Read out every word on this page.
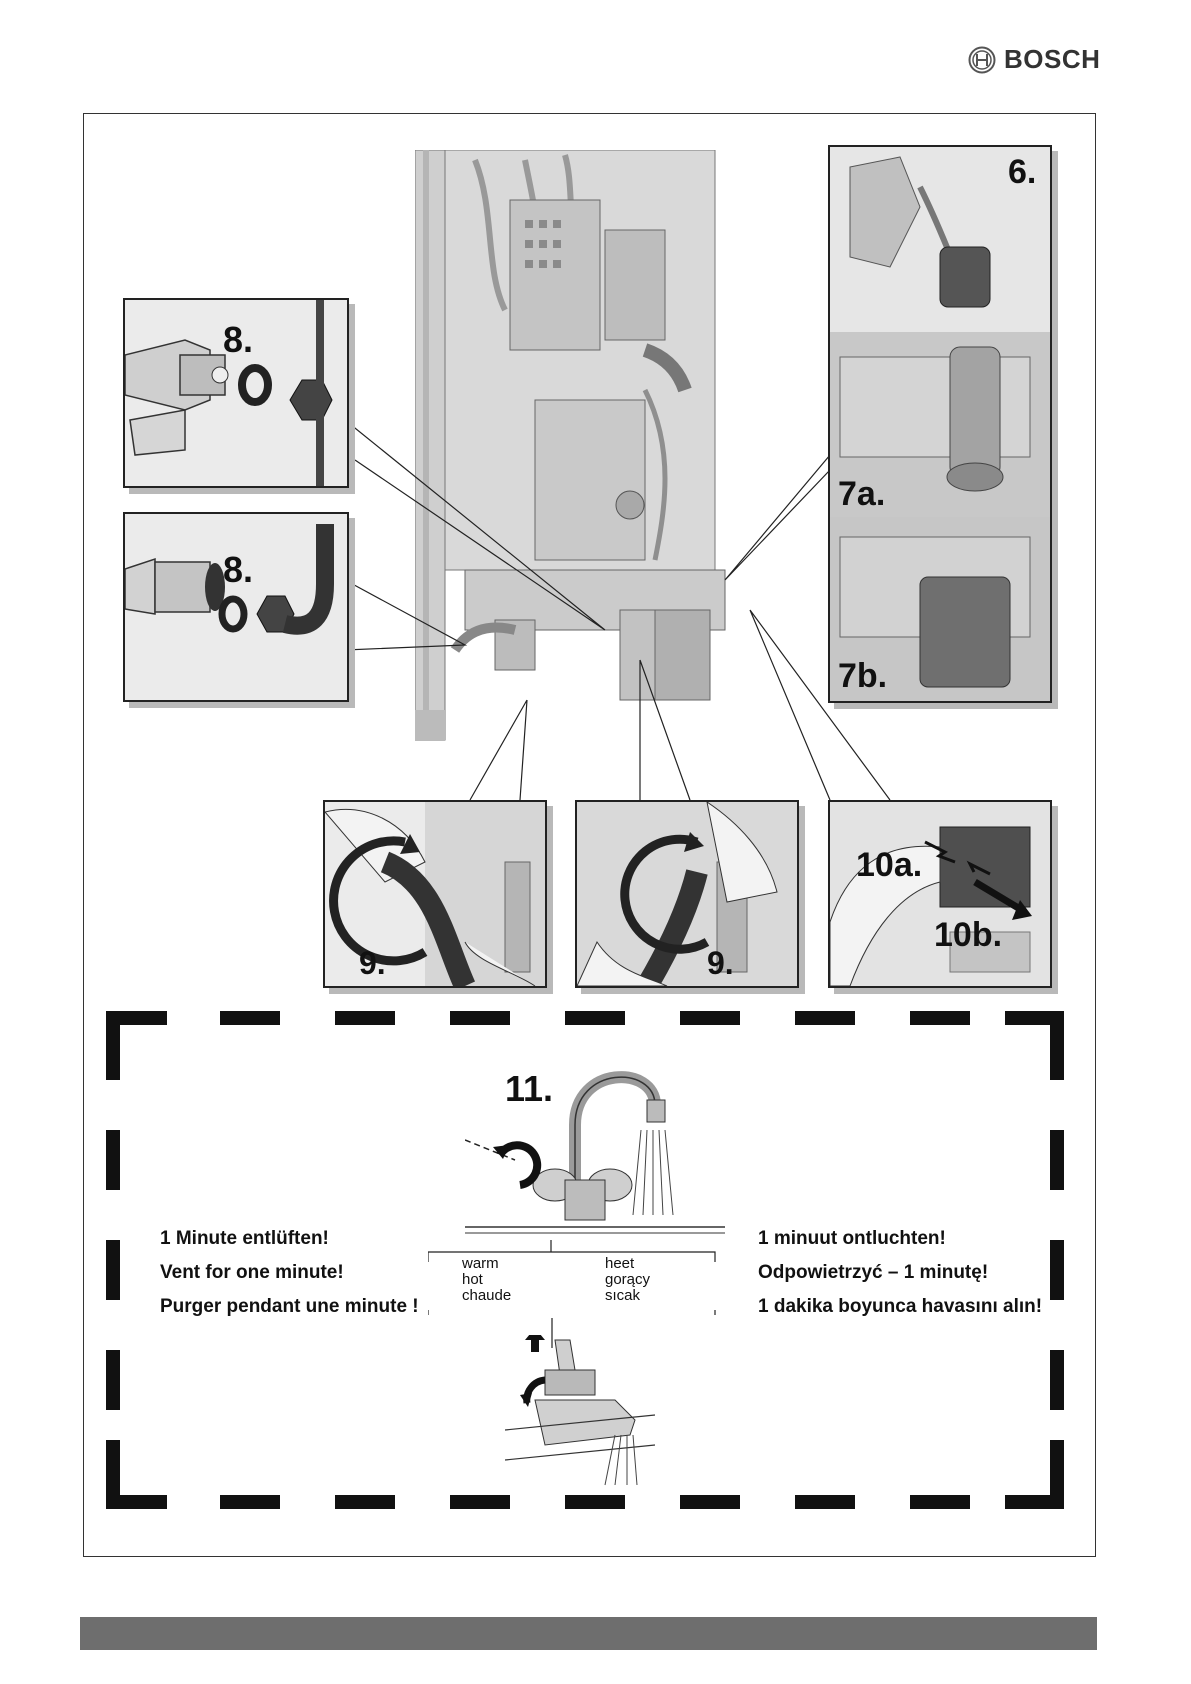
BOSCH
8.
8.
6.
7a.
7b.
9.	9.
10a.
10b.
11.
warm
hot
chaude
heet
gorący
sıcak
1 Minute entlüften!
Vent for one minute!
Purger pendant une minute !
1 minuut ontluchten!
Odpowietrzyć – 1 minutę!
1 dakika boyunca havasını alın!
